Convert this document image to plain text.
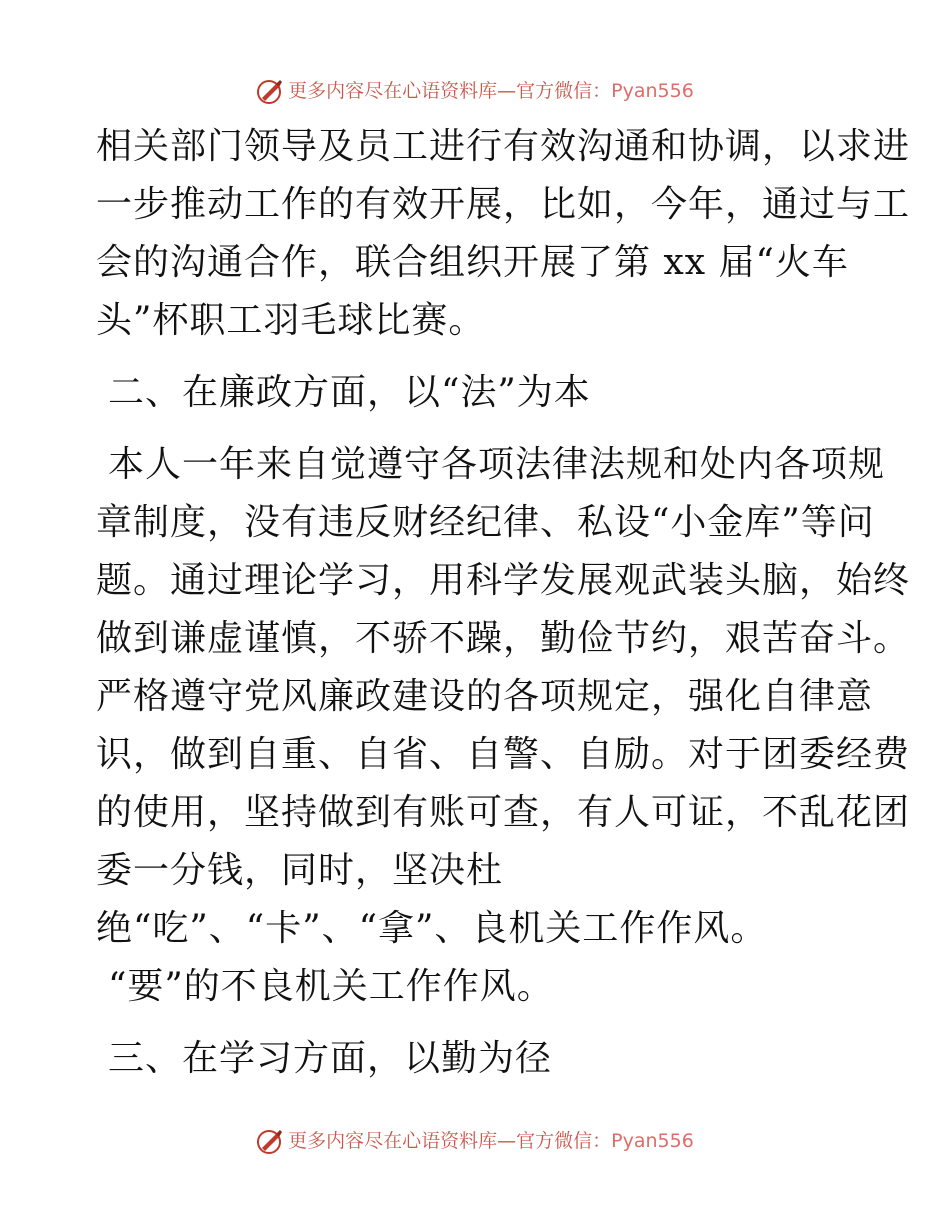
更多内容尽在心语资料库—官方微信：Pyan556
相关部门领导及员工进行有效沟通和协调，以求进
一步推动工作的有效开展，比如，今年，通过与工
会的沟通合作，联合组织开展了第 xx 届“火车
头”杯职工羽毛球比赛。
二、在廉政方面，以“法”为本
本人一年来自觉遵守各项法律法规和处内各项规
章制度，没有违反财经纪律、私设“小金库”等问
题。通过理论学习，用科学发展观武装头脑，始终
做到谦虚谨慎，不骄不躁，勤俭节约，艰苦奋斗。
严格遵守党风廉政建设的各项规定，强化自律意
识，做到自重、自省、自警、自励。对于团委经费
的使用，坚持做到有账可查，有人可证，不乱花团
委一分钱，同时，坚决杜
绝“吃”、“卡”、“拿”、良机关工作作风。
“要”的不良机关工作作风。
三、在学习方面，以勤为径
更多内容尽在心语资料库—官方微信：Pyan556
